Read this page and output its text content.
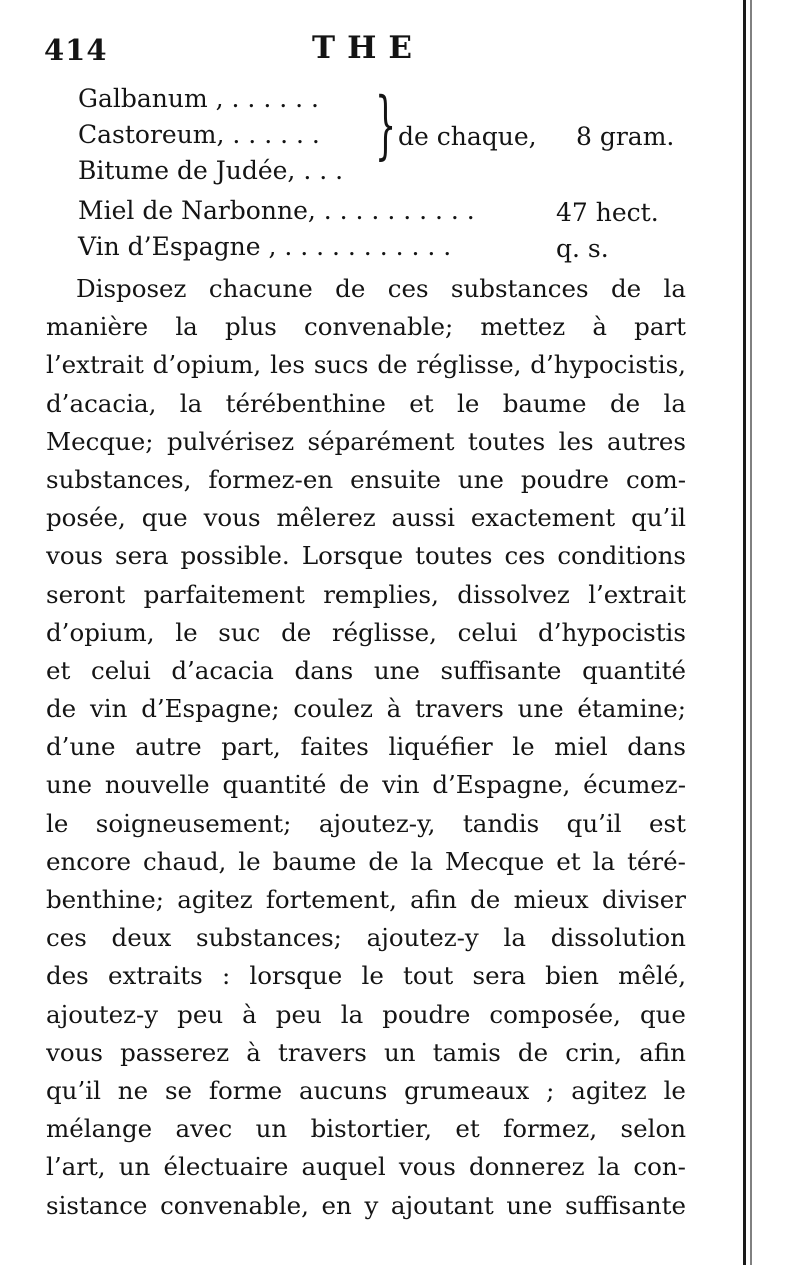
414	THE
Galbanum , . . . . . .
Castoreum, . . . . . .
Bitume de Judée, . . .
} de chaque, 8 gram.
Miel de Narbonne, . . . . . . . . . .	47 hect.
Vin d’Espagne , . . . . . . . . . . .	q. s.
Disposez chacune de ces substances de la
manière la plus convenable; mettez à part
l’extrait d’opium, les sucs de réglisse, d’hypocistis,
d’acacia, la térébenthine et le baume de la
Mecque; pulvérisez séparément toutes les autres
substances, formez-en ensuite une poudre com-
posée, que vous mêlerez aussi exactement qu’il
vous sera possible. Lorsque toutes ces conditions
seront parfaitement remplies, dissolvez l’extrait
d’opium, le suc de réglisse, celui d’hypocistis
et celui d’acacia dans une suffisante quantité
de vin d’Espagne; coulez à travers une étamine;
d’une autre part, faites liquéfier le miel dans
une nouvelle quantité de vin d’Espagne, écumez-
le soigneusement; ajoutez-y, tandis qu’il est
encore chaud, le baume de la Mecque et la téré-
benthine; agitez fortement, afin de mieux diviser
ces deux substances; ajoutez-y la dissolution
des extraits : lorsque le tout sera bien mêlé,
ajoutez-y peu à peu la poudre composée, que
vous passerez à travers un tamis de crin, afin
qu’il ne se forme aucuns grumeaux ; agitez le
mélange avec un bistortier, et formez, selon
l’art, un électuaire auquel vous donnerez la con-
sistance convenable, en y ajoutant une suffisante
